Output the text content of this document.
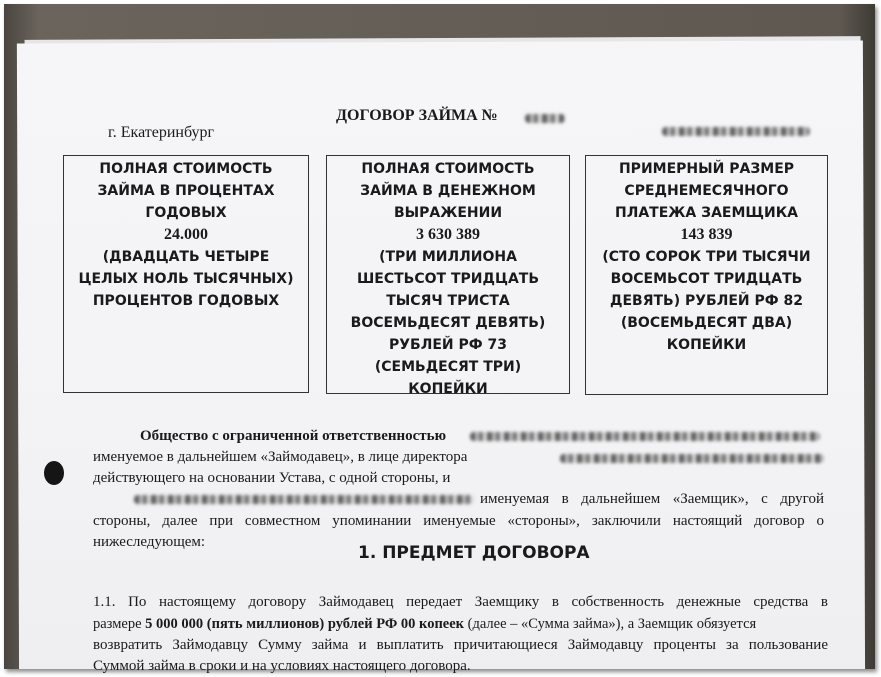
ДОГОВОР ЗАЙМА №
г. Екатеринбург
ПОЛНАЯ СТОИМОСТЬ
ЗАЙМА В ПРОЦЕНТАХ
ГОДОВЫХ
24.000
(ДВАДЦАТЬ ЧЕТЫРЕ
ЦЕЛЫХ НОЛЬ ТЫСЯЧНЫХ)
ПРОЦЕНТОВ ГОДОВЫХ
ПОЛНАЯ СТОИМОСТЬ
ЗАЙМА В ДЕНЕЖНОМ
ВЫРАЖЕНИИ
3 630 389
(ТРИ МИЛЛИОНА
ШЕСТЬСОТ ТРИДЦАТЬ
ТЫСЯЧ ТРИСТА
ВОСЕМЬДЕСЯТ ДЕВЯТЬ)
РУБЛЕЙ РФ 73
(СЕМЬДЕСЯТ ТРИ)
КОПЕЙКИ
ПРИМЕРНЫЙ РАЗМЕР
СРЕДНЕМЕСЯЧНОГО
ПЛАТЕЖА ЗАЕМЩИКА
143 839
(СТО СОРОК ТРИ ТЫСЯЧИ
ВОСЕМЬСОТ ТРИДЦАТЬ
ДЕВЯТЬ) РУБЛЕЙ РФ 82
(ВОСЕМЬДЕСЯТ ДВА)
КОПЕЙКИ
Общество с ограниченной ответственностью
именуемое в дальнейшем «Займодавец», в лице директора
действующего на основании Устава, с одной стороны, и
именуемая в дальнейшем «Заемщик», с другой
стороны, далее при совместном упоминании именуемые «стороны», заключили настоящий договор о
нижеследующем:
1. ПРЕДМЕТ ДОГОВОРА
1.1. По настоящему договору Займодавец передает Заемщику в собственность денежные средства в
размере 5 000 000 (пять миллионов) рублей РФ 00 копеек (далее – «Сумма займа»), а Заемщик обязуется
возвратить Займодавцу Сумму займа и выплатить причитающиеся Займодавцу проценты за пользование
Суммой займа в сроки и на условиях настоящего договора.
